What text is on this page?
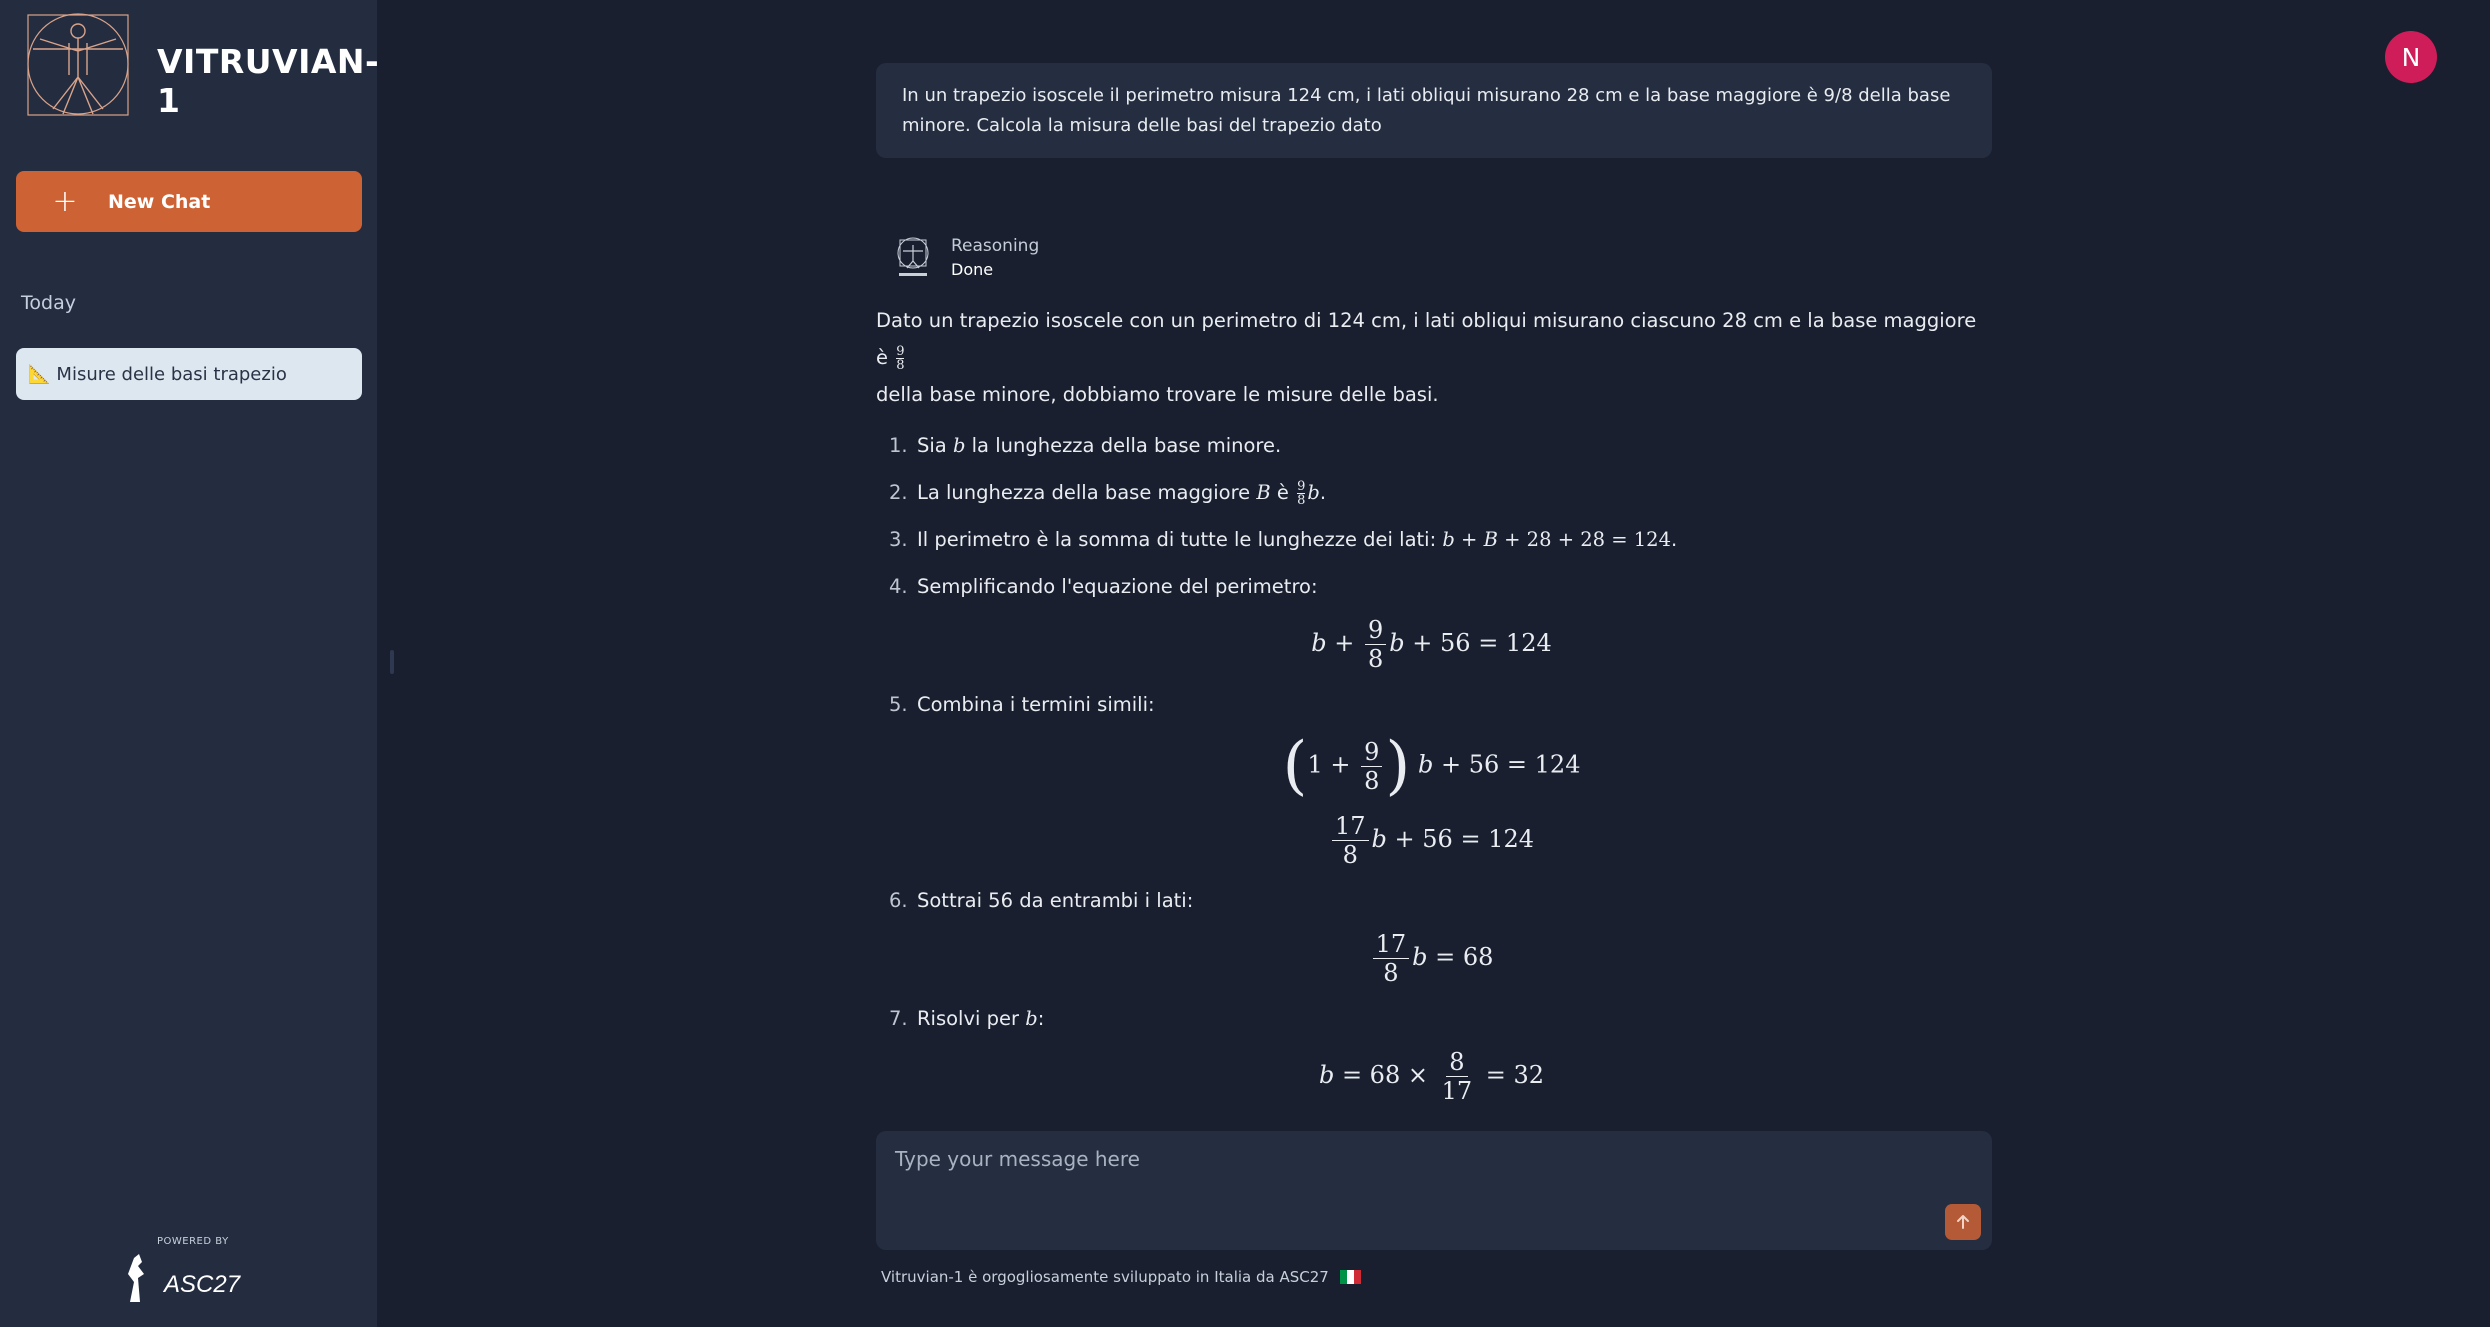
VITRUVIAN-1
+ New Chat
Today
📐 Misure delle basi trapezio
POWERED BY
ASC27
N
In un trapezio isoscele il perimetro misura 124 cm, i lati obliqui misurano 28 cm e la base maggiore è 9/8 della base minore. Calcola la misura delle basi del trapezio dato
Reasoning
Done

Dato un trapezio isoscele con un perimetro di 124 cm, i lati obliqui misurano ciascuno 28 cm e la base maggiore è $\frac{9}{8}$

della base minore, dobbiamo trovare le misure delle basi.

1. Sia b la lunghezza della base minore.
2. La lunghezza della base maggiore B è $\frac{9}{8} b$.
3. Il perimetro è la somma di tutte le lunghezze dei lati: b + B + 28 + 28 = 124.
4. Semplificando l'equazione del perimetro:
$b + \frac{9}{8}$ b + 56 = 124
5. Combina i termini simili:
($1 + \frac{9}{8}$ ) b + 56 = 124
$\frac{17}{8}$ b + 56 = 124
6. Sottrai 56 da entrambi i lati:
$\frac{17}{8}$ b = 68
7. Risolvi per b:
$b = 68 \times \frac{8}{17} = 32$
Type your message here
Vitruvian-1 è orgogliosamente sviluppato in Italia da ASC27
